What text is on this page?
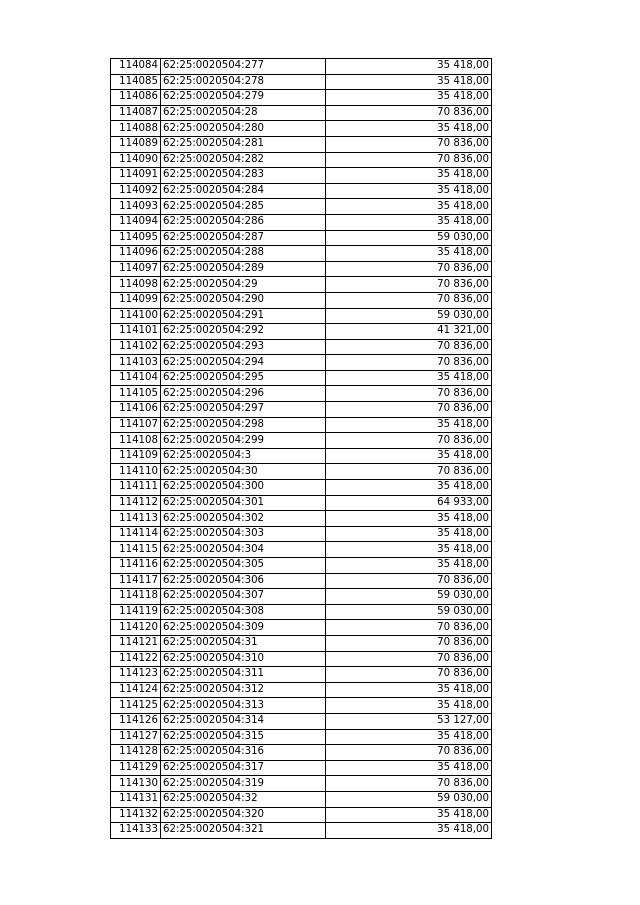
114084	62:25:0020504:277	35 418,00
114085	62:25:0020504:278	35 418,00
114086	62:25:0020504:279	35 418,00
114087	62:25:0020504:28	70 836,00
114088	62:25:0020504:280	35 418,00
114089	62:25:0020504:281	70 836,00
114090	62:25:0020504:282	70 836,00
114091	62:25:0020504:283	35 418,00
114092	62:25:0020504:284	35 418,00
114093	62:25:0020504:285	35 418,00
114094	62:25:0020504:286	35 418,00
114095	62:25:0020504:287	59 030,00
114096	62:25:0020504:288	35 418,00
114097	62:25:0020504:289	70 836,00
114098	62:25:0020504:29	70 836,00
114099	62:25:0020504:290	70 836,00
114100	62:25:0020504:291	59 030,00
114101	62:25:0020504:292	41 321,00
114102	62:25:0020504:293	70 836,00
114103	62:25:0020504:294	70 836,00
114104	62:25:0020504:295	35 418,00
114105	62:25:0020504:296	70 836,00
114106	62:25:0020504:297	70 836,00
114107	62:25:0020504:298	35 418,00
114108	62:25:0020504:299	70 836,00
114109	62:25:0020504:3	35 418,00
114110	62:25:0020504:30	70 836,00
114111	62:25:0020504:300	35 418,00
114112	62:25:0020504:301	64 933,00
114113	62:25:0020504:302	35 418,00
114114	62:25:0020504:303	35 418,00
114115	62:25:0020504:304	35 418,00
114116	62:25:0020504:305	35 418,00
114117	62:25:0020504:306	70 836,00
114118	62:25:0020504:307	59 030,00
114119	62:25:0020504:308	59 030,00
114120	62:25:0020504:309	70 836,00
114121	62:25:0020504:31	70 836,00
114122	62:25:0020504:310	70 836,00
114123	62:25:0020504:311	70 836,00
114124	62:25:0020504:312	35 418,00
114125	62:25:0020504:313	35 418,00
114126	62:25:0020504:314	53 127,00
114127	62:25:0020504:315	35 418,00
114128	62:25:0020504:316	70 836,00
114129	62:25:0020504:317	35 418,00
114130	62:25:0020504:319	70 836,00
114131	62:25:0020504:32	59 030,00
114132	62:25:0020504:320	35 418,00
114133	62:25:0020504:321	35 418,00
